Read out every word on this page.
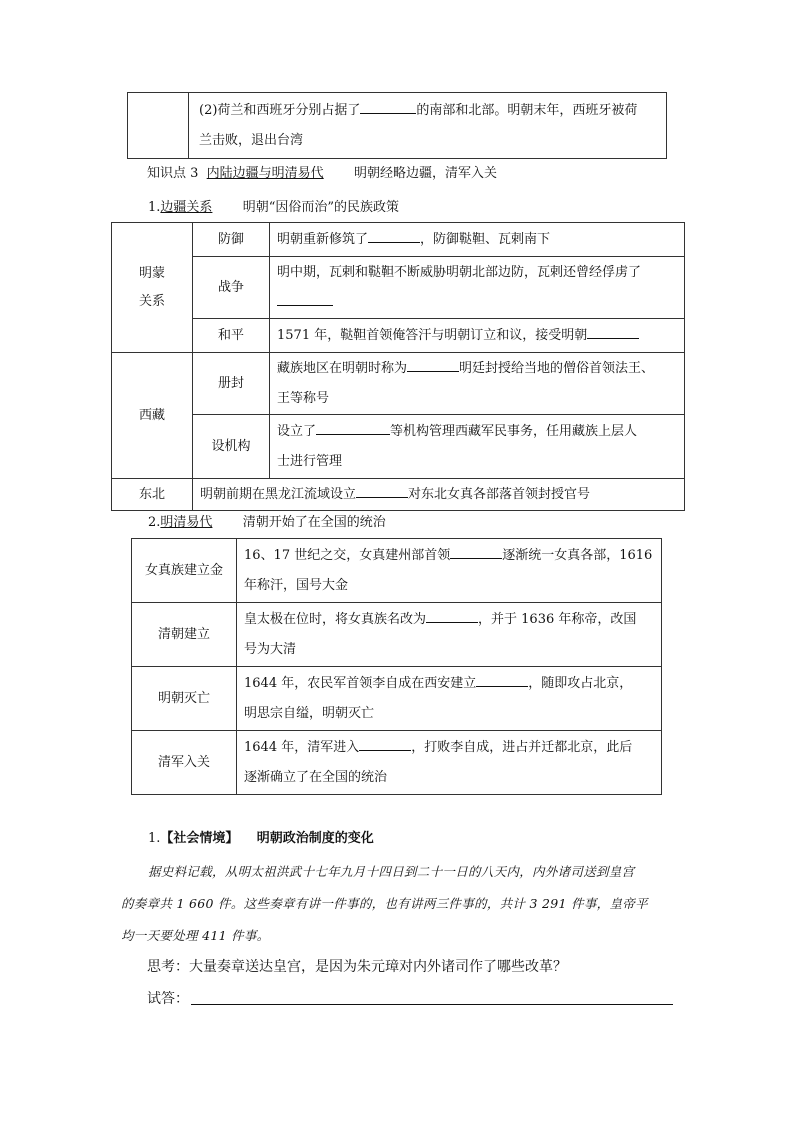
	(2)荷兰和西班牙分别占据了	的南部和北部。明朝末年，西班牙被荷
兰击败，退出台湾
知识点 3 内陆边疆与明清易代 明朝经略边疆，清军入关
1.边疆关系 明朝“因俗而治”的民族政策
明蒙
关系	防御	明朝重新修筑了 ，防御鞑靼、瓦剌南下
	战争	明中期，瓦剌和鞑靼不断威胁明朝北部边防，瓦剌还曾经俘虏了

	和平	1571 年，鞑靼首领俺答汗与明朝订立和议，接受明朝
西藏	册封	藏族地区在明朝时称为 明廷封授给当地的僧俗首领法王、
王等称号
	设机构	设立了 等机构管理西藏军民事务，任用藏族上层人
士进行管理
东北	明朝前期在黑龙江流域设立 对东北女真各部落首领封授官号	
2.明清易代 清朝开始了在全国的统治
女真族建立金	16、17 世纪之交，女真建州部首领 逐渐统一女真各部，1616
年称汗，国号大金
清朝建立	皇太极在位时，将女真族名改为 ，并于 1636 年称帝，改国
号为大清
明朝灭亡	1644 年，农民军首领李自成在西安建立 ，随即攻占北京，
明思宗自缢，明朝灭亡
清军入关	1644 年，清军进入 ，打败李自成，进占并迁都北京，此后
逐渐确立了在全国的统治
1.【社会情境】 明朝政治制度的变化
据史料记载，从明太祖洪武十七年九月十四日到二十一日的八天内，内外诸司送到皇宫
的奏章共 1 660 件。这些奏章有讲一件事的，也有讲两三件事的，共计 3 291 件事，皇帝平
均一天要处理 411 件事。
思考：大量奏章送达皇宫，是因为朱元璋对内外诸司作了哪些改革？
试答：
